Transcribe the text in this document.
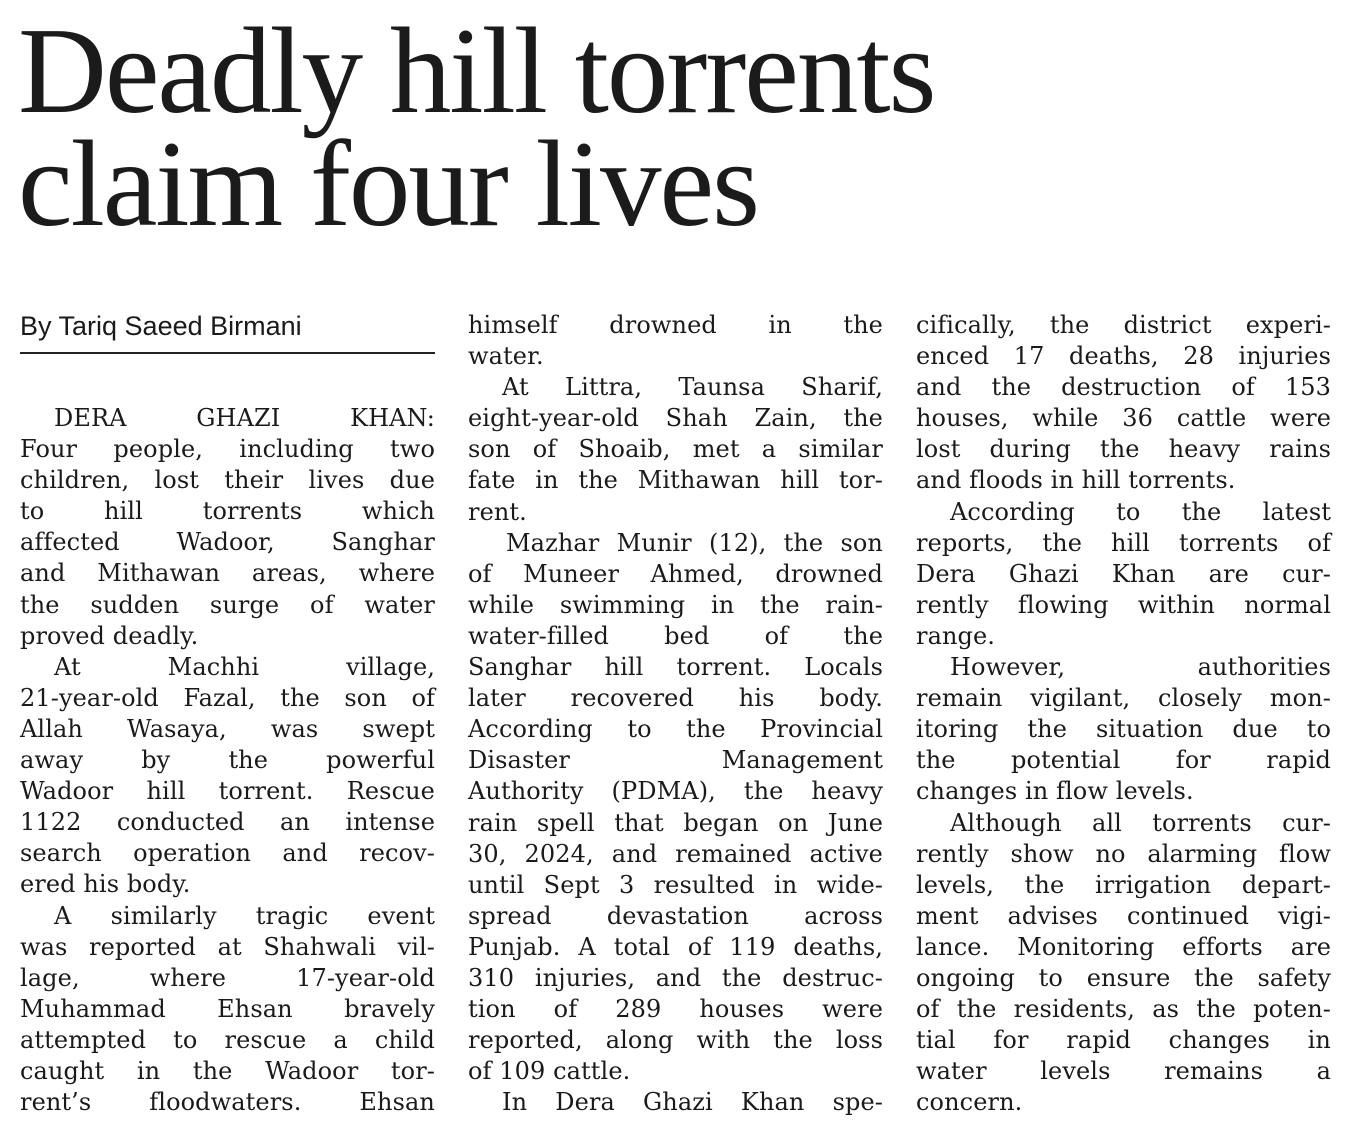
Deadly hill torrents
claim four lives
By Tariq Saeed Birmani
DERA GHAZI KHAN:
Four people, including two
children, lost their lives due
to hill torrents which
affected Wadoor, Sanghar
and Mithawan areas, where
the sudden surge of water
proved deadly.
At Machhi village,
21-year-old Fazal, the son of
Allah Wasaya, was swept
away by the powerful
Wadoor hill torrent. Rescue
1122 conducted an intense
search operation and recov-
ered his body.
A similarly tragic event
was reported at Shahwali vil-
lage, where 17-year-old
Muhammad Ehsan bravely
attempted to rescue a child
caught in the Wadoor tor-
rent’s floodwaters. Ehsan
himself drowned in the
water.
At Littra, Taunsa Sharif,
eight-year-old Shah Zain, the
son of Shoaib, met a similar
fate in the Mithawan hill tor-
rent.
Mazhar Munir (12), the son
of Muneer Ahmed, drowned
while swimming in the rain-
water-filled bed of the
Sanghar hill torrent. Locals
later recovered his body.
According to the Provincial
Disaster Management
Authority (PDMA), the heavy
rain spell that began on June
30, 2024, and remained active
until Sept 3 resulted in wide-
spread devastation across
Punjab. A total of 119 deaths,
310 injuries, and the destruc-
tion of 289 houses were
reported, along with the loss
of 109 cattle.
In Dera Ghazi Khan spe-
cifically, the district experi-
enced 17 deaths, 28 injuries
and the destruction of 153
houses, while 36 cattle were
lost during the heavy rains
and floods in hill torrents.
According to the latest
reports, the hill torrents of
Dera Ghazi Khan are cur-
rently flowing within normal
range.
However, authorities
remain vigilant, closely mon-
itoring the situation due to
the potential for rapid
changes in flow levels.
Although all torrents cur-
rently show no alarming flow
levels, the irrigation depart-
ment advises continued vigi-
lance. Monitoring efforts are
ongoing to ensure the safety
of the residents, as the poten-
tial for rapid changes in
water levels remains a
concern.
